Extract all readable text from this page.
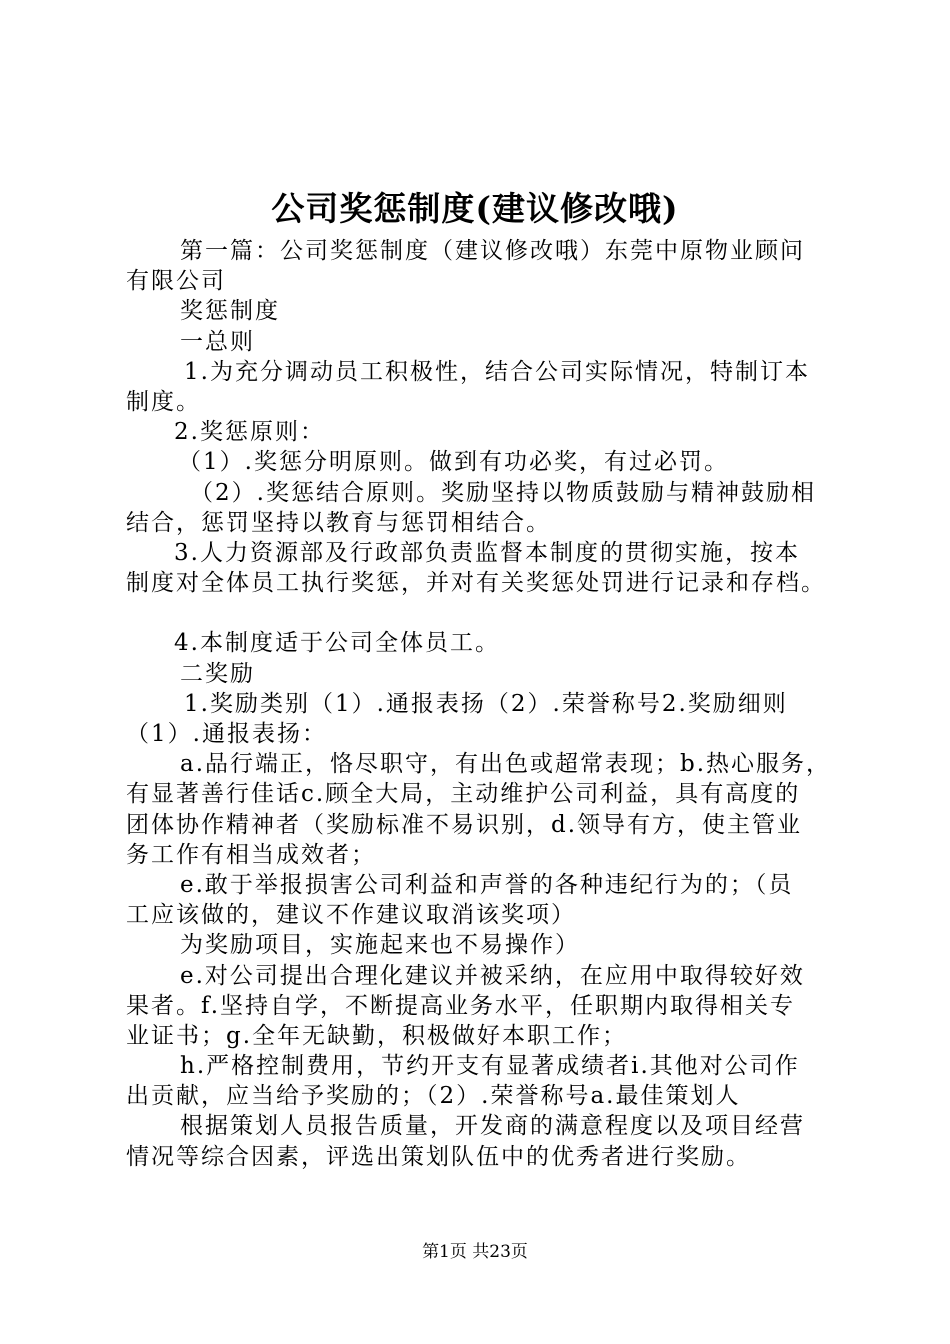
公司奖惩制度(建议修改哦)
第一篇：公司奖惩制度（建议修改哦）东莞中原物业顾问
有限公司
奖惩制度
一总则
1.为充分调动员工积极性，结合公司实际情况，特制订本
制度。
2.奖惩原则：
（1）.奖惩分明原则。做到有功必奖，有过必罚。
（2）.奖惩结合原则。奖励坚持以物质鼓励与精神鼓励相
结合，惩罚坚持以教育与惩罚相结合。
3.人力资源部及行政部负责监督本制度的贯彻实施，按本
制度对全体员工执行奖惩，并对有关奖惩处罚进行记录和存档。
4.本制度适于公司全体员工。
二奖励
1.奖励类别（1）.通报表扬（2）.荣誉称号2.奖励细则
（1）.通报表扬：
a.品行端正，恪尽职守，有出色或超常表现；b.热心服务，
有显著善行佳话c.顾全大局，主动维护公司利益，具有高度的
团体协作精神者（奖励标准不易识别，d.领导有方，使主管业
务工作有相当成效者；
e.敢于举报损害公司利益和声誉的各种违纪行为的；（员
工应该做的，建议不作建议取消该奖项）
为奖励项目，实施起来也不易操作）
e.对公司提出合理化建议并被采纳，在应用中取得较好效
果者。f.坚持自学，不断提高业务水平，任职期内取得相关专
业证书；g.全年无缺勤，积极做好本职工作；
h.严格控制费用，节约开支有显著成绩者i.其他对公司作
出贡献，应当给予奖励的；（2）.荣誉称号a.最佳策划人
根据策划人员报告质量，开发商的满意程度以及项目经营
情况等综合因素，评选出策划队伍中的优秀者进行奖励。
第1页 共23页
